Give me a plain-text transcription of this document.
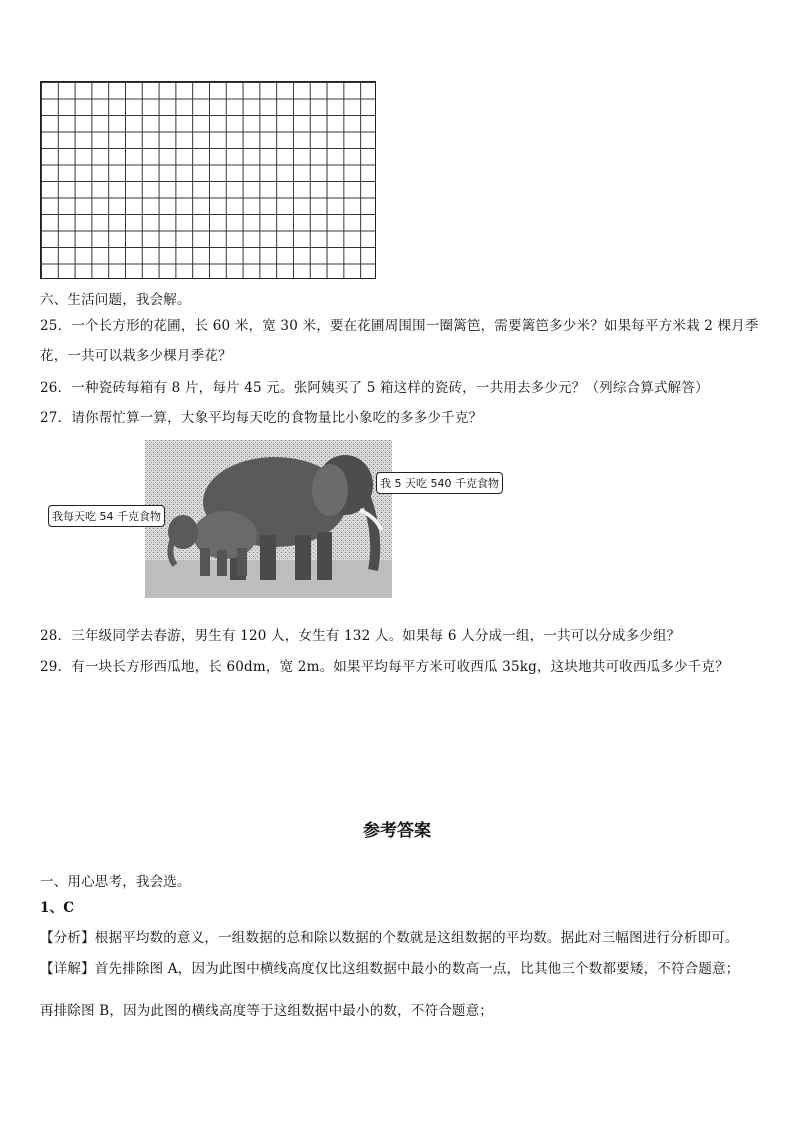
六、生活问题，我会解。
25．一个长方形的花圃，长 60 米，宽 30 米，要在花圃周围围一圈篱笆，需要篱笆多少米？如果每平方米栽 2 棵月季
花，一共可以栽多少棵月季花？
26．一种瓷砖每箱有 8 片，每片 45 元。张阿姨买了 5 箱这样的瓷砖，一共用去多少元？（列综合算式解答）
27．请你帮忙算一算，大象平均每天吃的食物量比小象吃的多多少千克？
我每天吃 54 千克食物
我 5 天吃 540 千克食物
28．三年级同学去春游，男生有 120 人，女生有 132 人。如果每 6 人分成一组，一共可以分成多少组？
29．有一块长方形西瓜地，长 60dm，宽 2m。如果平均每平方米可收西瓜 35kg，这块地共可收西瓜多少千克？
参考答案
一、用心思考，我会选。
1、C
【分析】根据平均数的意义，一组数据的总和除以数据的个数就是这组数据的平均数。据此对三幅图进行分析即可。
【详解】首先排除图 A，因为此图中横线高度仅比这组数据中最小的数高一点，比其他三个数都要矮，不符合题意；
再排除图 B，因为此图的横线高度等于这组数据中最小的数，不符合题意；
